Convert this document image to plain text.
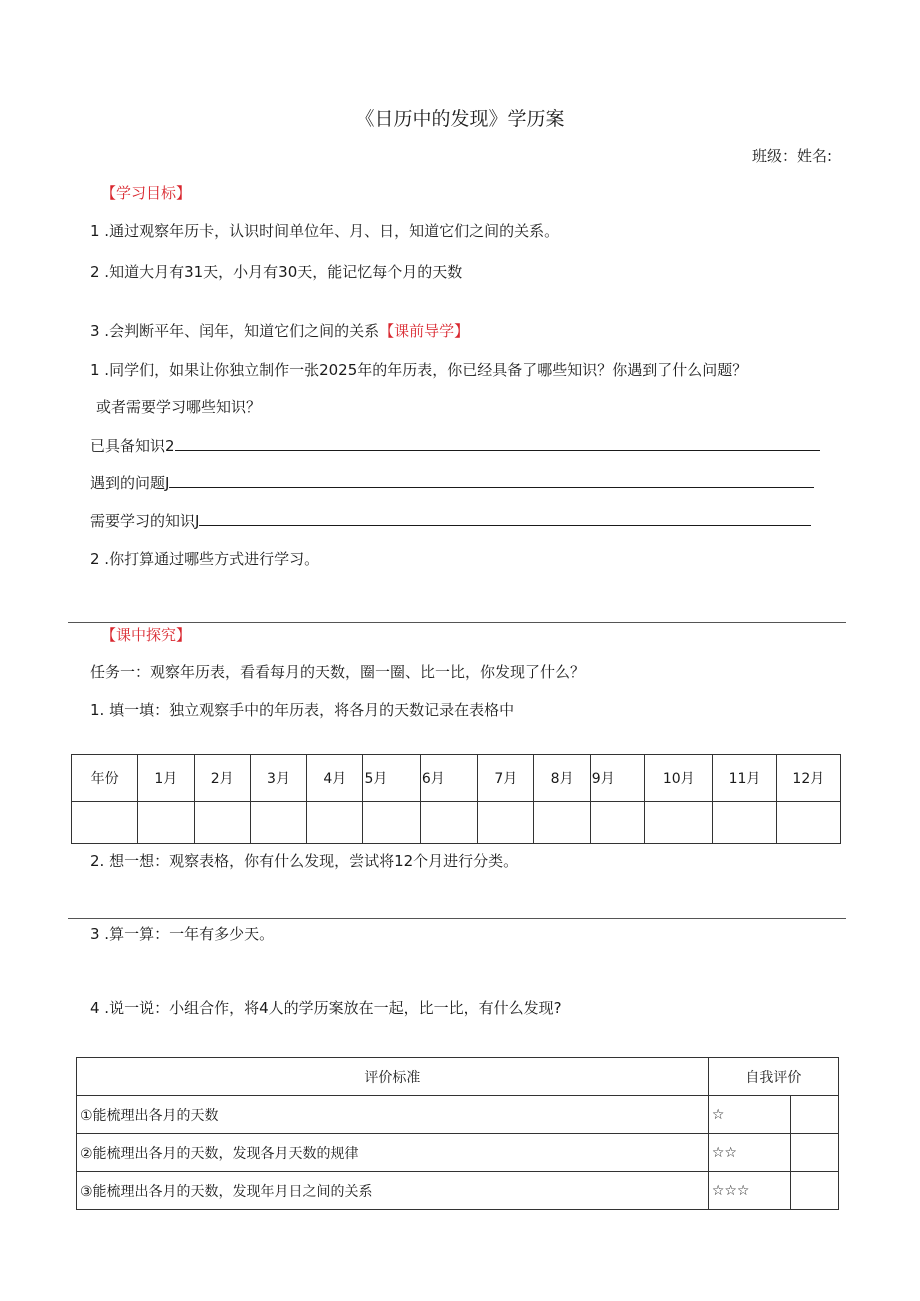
《日历中的发现》学历案
班级：姓名:
【学习目标】
1 .通过观察年历卡，认识时间单位年、月、日，知道它们之间的关系。
2 .知道大月有31天，小月有30天，能记忆每个月的天数
3 .会判断平年、闰年，知道它们之间的关系【课前导学】
1 .同学们，如果让你独立制作一张2025年的年历表，你已经具备了哪些知识？你遇到了什么问题？
或者需要学习哪些知识？
已具备知识2
遇到的问题J
需要学习的知识J
2 .你打算通过哪些方式进行学习。
【课中探究】
任务一：观察年历表，看看每月的天数，圈一圈、比一比，你发现了什么？
1. 填一填：独立观察手中的年历表，将各月的天数记录在表格中
年份	1月	2月	3月	4月	5月	6月	7月	8月	9月	10月	11月	12月

2. 想一想：观察表格，你有什么发现，尝试将12个月进行分类。
3 .算一算：一年有多少天。
4 .说一说：小组合作，将4人的学历案放在一起，比一比，有什么发现?
评价标准	自我评价	
①能梳理出各月的天数	☆	
②能梳理出各月的天数，发现各月天数的规律	☆☆	
③能梳理出各月的天数，发现年月日之间的关系	☆☆☆	
